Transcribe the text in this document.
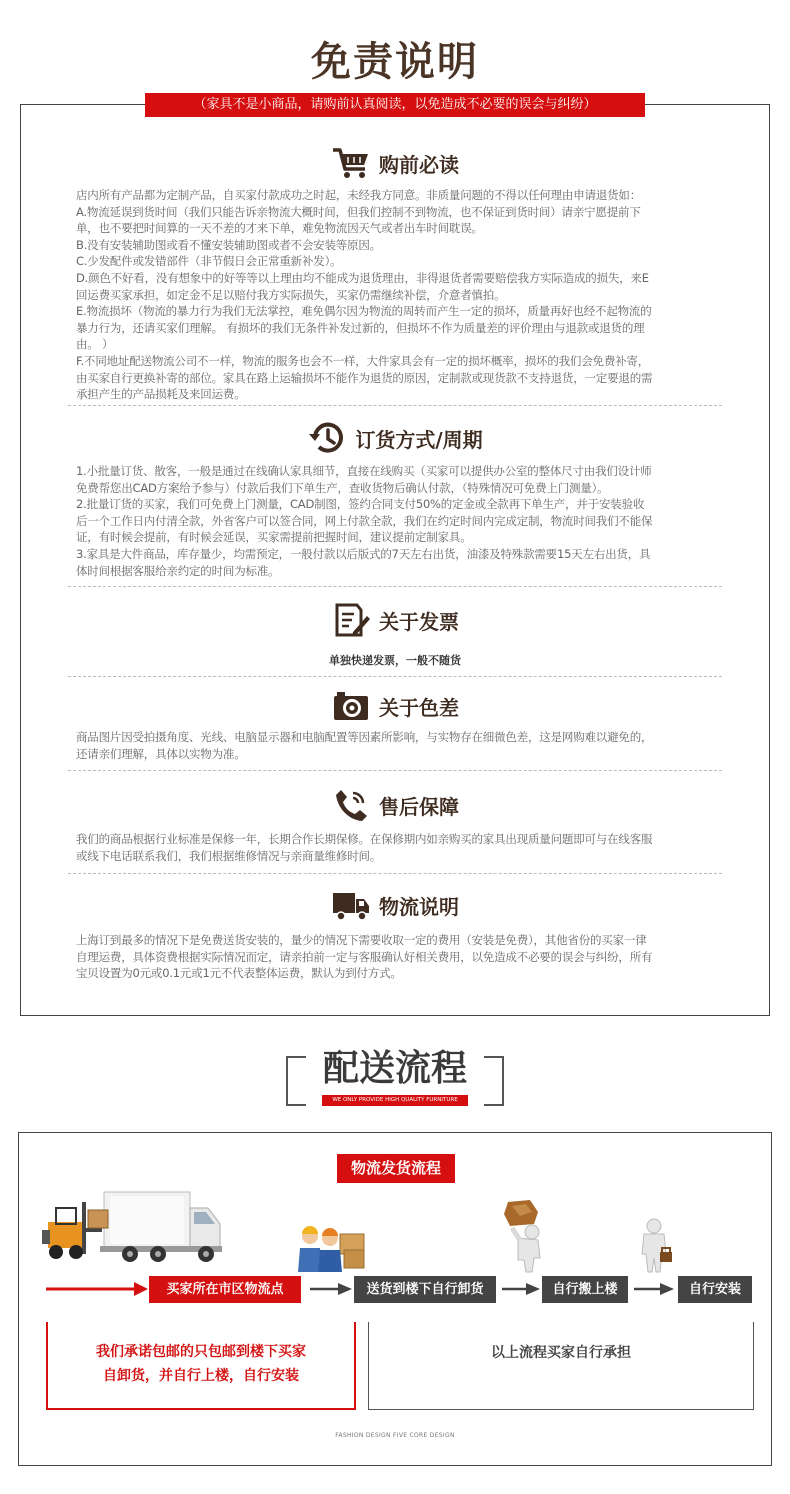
免责说明
（家具不是小商品，请购前认真阅读，以免造成不必要的误会与纠纷）
购前必读
店内所有产品都为定制产品，自买家付款成功之时起，未经我方同意。非质量问题的不得以任何理由申请退货如：
A.物流延误到货时间（我们只能告诉亲物流大概时间，但我们控制不到物流，也不保证到货时间）请亲宁愿提前下
单，也不要把时间算的一天不差的才来下单，难免物流因天气或者出车时间耽误。
B.没有安装辅助图或看不懂安装辅助图或者不会安装等原因。
C.少发配件或发错部件（非节假日会正常重新补发）。
D.颜色不好看，没有想象中的好等等以上理由均不能成为退货理由，非得退货者需要赔偿我方实际造成的损失，来E
回运费买家承担，如定金不足以赔付我方实际损失，买家仍需继续补偿，介意者慎拍。
E.物流损坏（物流的暴力行为我们无法掌控，难免偶尔因为物流的周转而产生一定的损坏，质量再好也经不起物流的
暴力行为，还请买家们理解。 有损坏的我们无条件补发过新的，但损坏不作为质量差的评价理由与退款或退货的理
由。 ）
F.不同地址配送物流公司不一样，物流的服务也会不一样，大件家具会有一定的损坏概率，损坏的我们会免费补寄，
由买家自行更换补寄的部位。家具在路上运输损坏不能作为退货的原因，定制款或现货款不支持退货，一定要退的需
承担产生的产品损耗及来回运费。
订货方式/周期
1.小批量订货、散客，一般是通过在线确认家具细节，直接在线购买（买家可以提供办公室的整体尺寸由我们设计师
免费帮您出CAD方案给予参与）付款后我们下单生产，查收货物后确认付款，（特殊情况可免费上门测量）。
2.批量订货的买家，我们可免费上门测量，CAD制图，签约合同支付50%的定金或全款再下单生产，并于安装验收
后一个工作日内付清全款，外省客户可以签合同，网上付款全款，我们在约定时间内完成定制，物流时间我们不能保
证，有时候会提前，有时候会延误，买家需提前把握时间，建议提前定制家具。
3.家具是大件商品，库存量少，均需预定，一般付款以后版式的7天左右出货，油漆及特殊款需要15天左右出货，具
体时间根据客服给亲约定的时间为标准。
关于发票
单独快递发票，一般不随货
关于色差
商品图片因受拍摄角度、光线、电脑显示器和电脑配置等因素所影响，与实物存在细微色差，这是网购难以避免的，
还请亲们理解，具体以实物为准。
售后保障
我们的商品根据行业标准是保修一年，长期合作长期保修。在保修期内如亲购买的家具出现质量问题即可与在线客服
或线下电话联系我们，我们根据维修情况与亲商量维修时间。
物流说明
上海订到最多的情况下是免费送货安装的，量少的情况下需要收取一定的费用（安装是免费），其他省份的买家一律
自理运费，具体资费根据实际情况而定，请亲拍前一定与客服确认好相关费用，以免造成不必要的误会与纠纷，所有
宝贝设置为0元或0.1元或1元不代表整体运费，默认为到付方式。
配送流程
WE ONLY PROVIDE HIGH QUALITY FURNITURE
物流发货流程
买家所在市区物流点	送货到楼下自行卸货	自行搬上楼	自行安装
我们承诺包邮的只包邮到楼下买家
自卸货，并自行上楼，自行安装
以上流程买家自行承担
FASHION DESIGN FIVE CORE DESIGN
